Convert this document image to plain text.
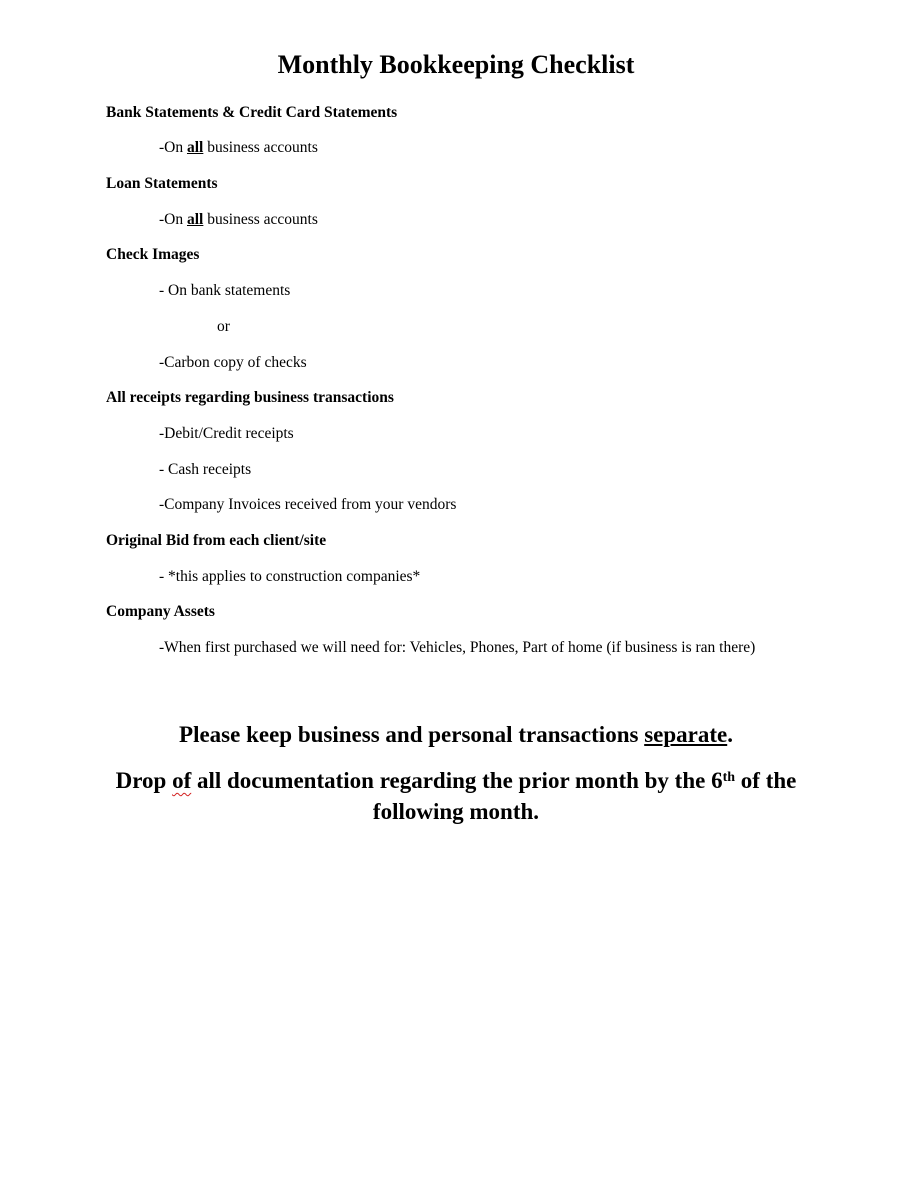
Monthly Bookkeeping Checklist
Bank Statements & Credit Card Statements
-On all business accounts
Loan Statements
-On all business accounts
Check Images
- On bank statements
or
-Carbon copy of checks
All receipts regarding business transactions
-Debit/Credit receipts
- Cash receipts
-Company Invoices received from your vendors
Original Bid from each client/site
- *this applies to construction companies*
Company Assets
-When first purchased we will need for: Vehicles, Phones, Part of home (if business is ran there)
Please keep business and personal transactions separate.
Drop of all documentation regarding the prior month by the 6th of the following month.
